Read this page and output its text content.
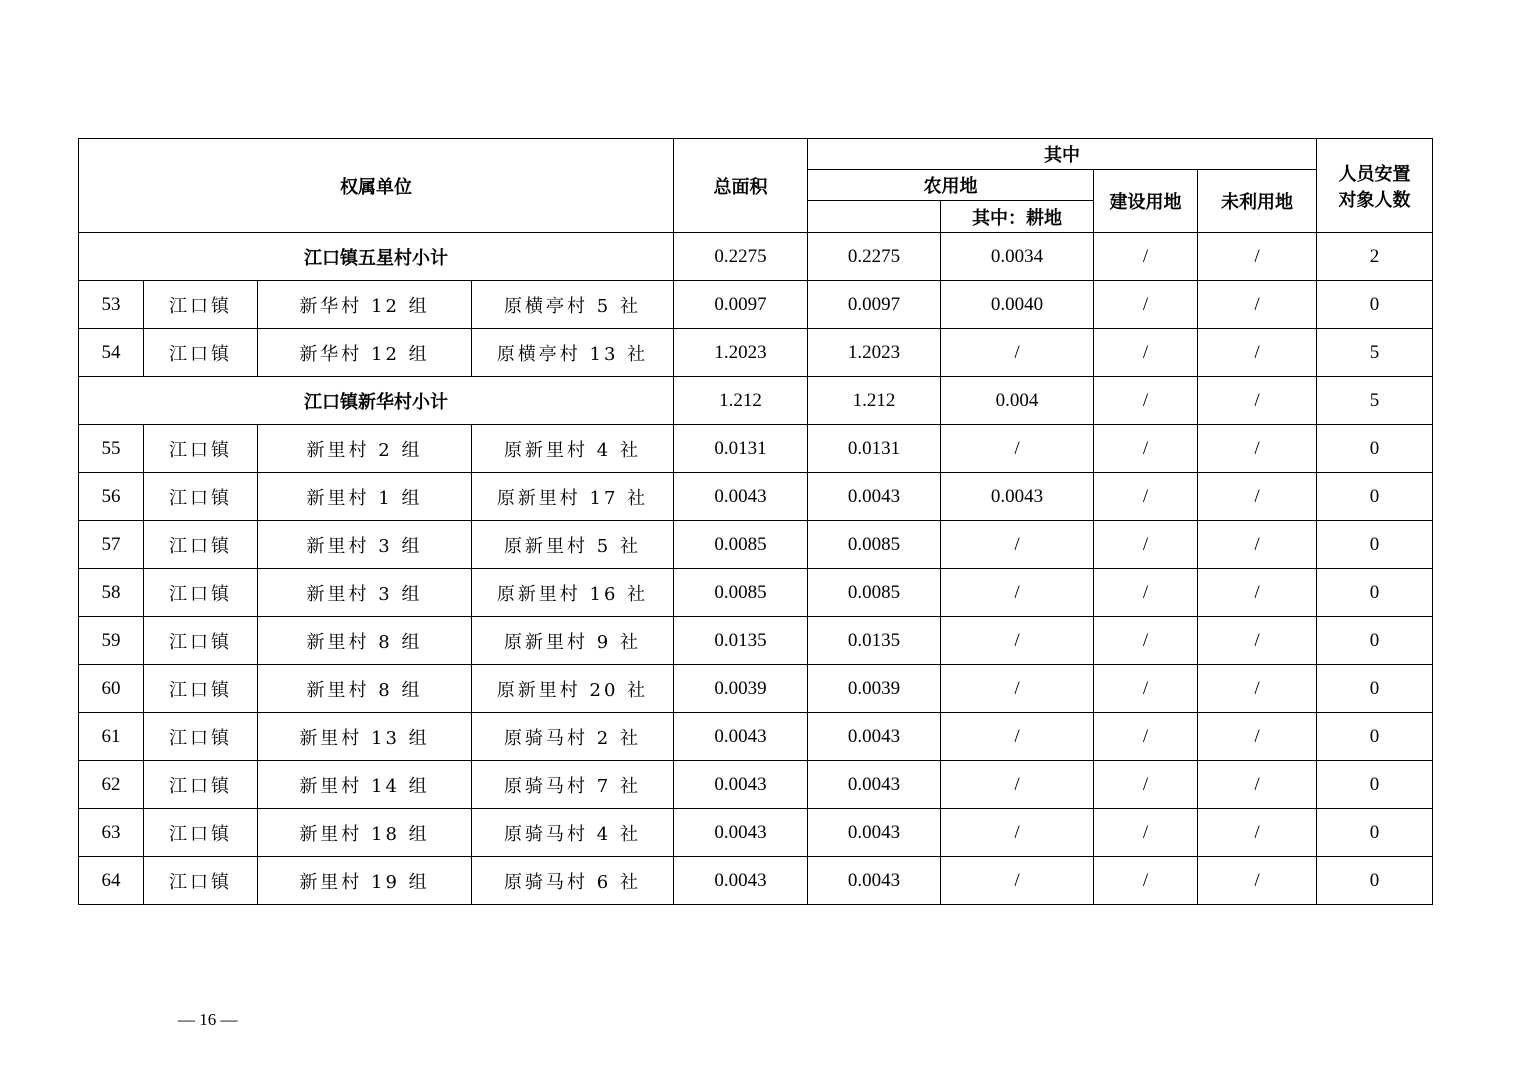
权属单位				总面积	其中				人员安置
对象人数

					农用地		建设用地	未利用地	
						其中：耕地			
江口镇五星村小计				0.2275	0.2275	0.0034	/	/	2
53	江口镇	新华村 12 组	原横亭村 5 社	0.0097	0.0097	0.0040	/	/	0
54	江口镇	新华村 12 组	原横亭村 13 社	1.2023	1.2023	/	/	/	5
江口镇新华村小计				1.212	1.212	0.004	/	/	5
55	江口镇	新里村 2 组	原新里村 4 社	0.0131	0.0131	/	/	/	0
56	江口镇	新里村 1 组	原新里村 17 社	0.0043	0.0043	0.0043	/	/	0
57	江口镇	新里村 3 组	原新里村 5 社	0.0085	0.0085	/	/	/	0
58	江口镇	新里村 3 组	原新里村 16 社	0.0085	0.0085	/	/	/	0
59	江口镇	新里村 8 组	原新里村 9 社	0.0135	0.0135	/	/	/	0
60	江口镇	新里村 8 组	原新里村 20 社	0.0039	0.0039	/	/	/	0
61	江口镇	新里村 13 组	原骑马村 2 社	0.0043	0.0043	/	/	/	0
62	江口镇	新里村 14 组	原骑马村 7 社	0.0043	0.0043	/	/	/	0
63	江口镇	新里村 18 组	原骑马村 4 社	0.0043	0.0043	/	/	/	0
64	江口镇	新里村 19 组	原骑马村 6 社	0.0043	0.0043	/	/	/	0
— 16 —
